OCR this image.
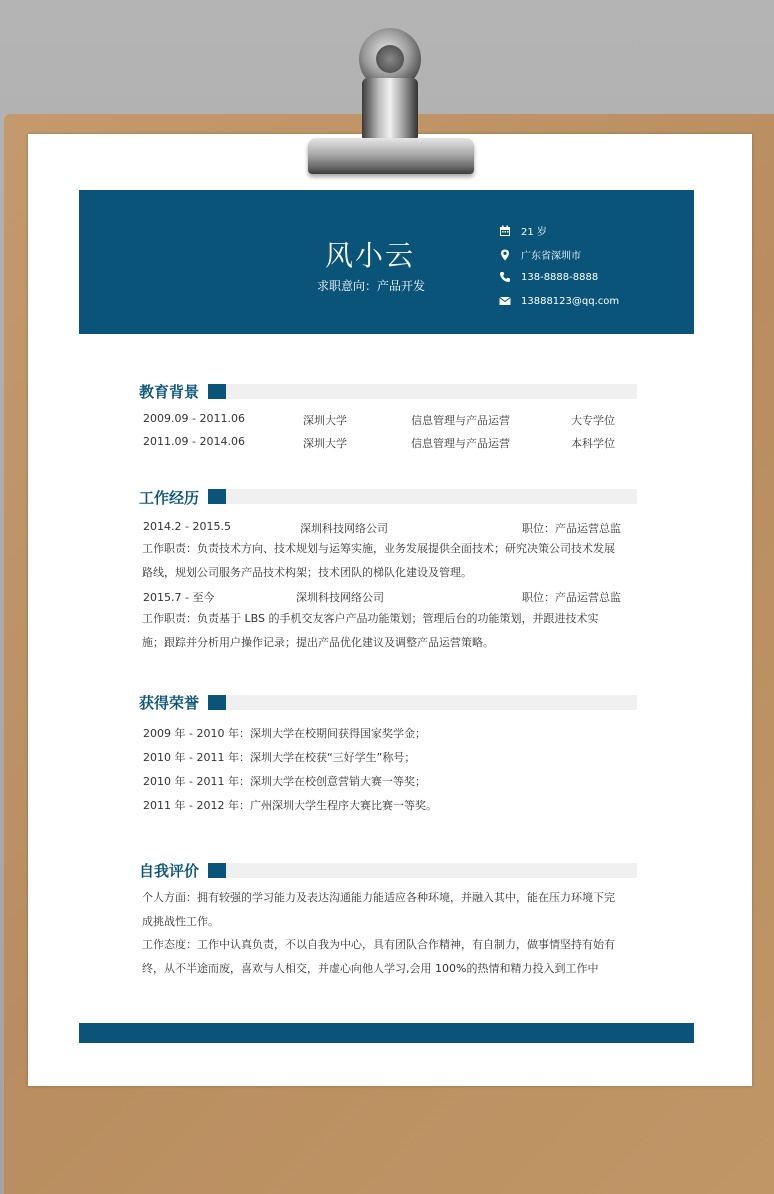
风小云
求职意向：产品开发
21 岁
广东省深圳市
138-8888-8888
13888123@qq.com
教育背景
2009.09 - 2011.06	深圳大学	信息管理与产品运营	大专学位
2011.09 - 2014.06	深圳大学	信息管理与产品运营	本科学位
工作经历
2014.2 - 2015.5	深圳科技网络公司	职位：产品运营总监
工作职责：负责技术方向、技术规划与运筹实施，业务发展提供全面技术；研究决策公司技术发展路线，规划公司服务产品技术构架；技术团队的梯队化建设及管理。
2015.7 - 至今	深圳科技网络公司	职位：产品运营总监
工作职责：负责基于 LBS 的手机交友客户产品功能策划；管理后台的功能策划，并跟进技术实施；跟踪并分析用户操作记录；提出产品优化建议及调整产品运营策略。
获得荣誉
2009 年 - 2010 年：深圳大学在校期间获得国家奖学金；
2010 年 - 2011 年：深圳大学在校获“三好学生”称号；
2010 年 - 2011 年：深圳大学在校创意营销大赛一等奖；
2011 年 - 2012 年：广州深圳大学生程序大赛比赛一等奖。
自我评价
个人方面：拥有较强的学习能力及表达沟通能力能适应各种环境，并融入其中，能在压力环境下完成挑战性工作。
工作态度：工作中认真负责，不以自我为中心，具有团队合作精神，有自制力，做事情坚持有始有终，从不半途而废，喜欢与人相交，并虚心向他人学习,会用 100%的热情和精力投入到工作中
